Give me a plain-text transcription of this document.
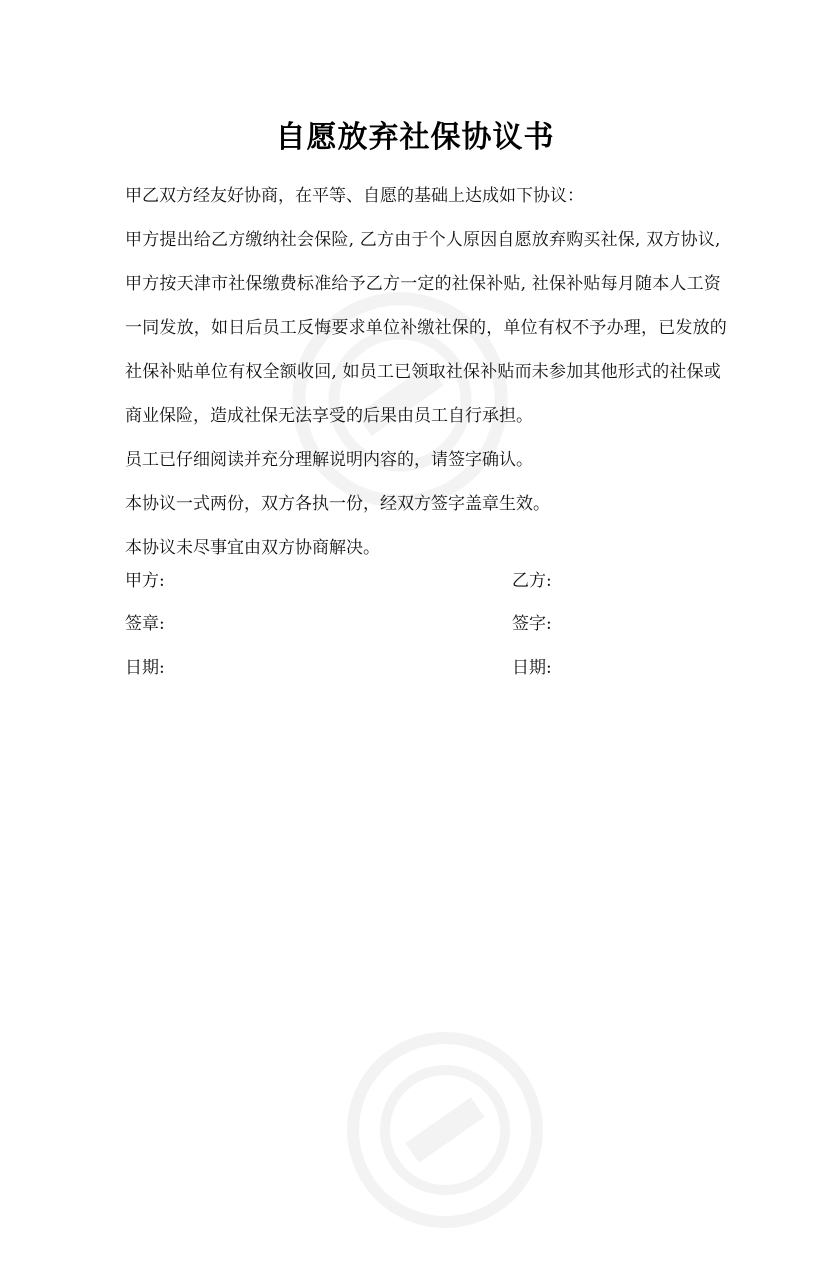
自愿放弃社保协议书

甲乙双方经友好协商，在平等、自愿的基础上达成如下协议：

甲方提出给乙方缴纳社会保险, 乙方由于个人原因自愿放弃购买社保, 双方协议,

甲方按天津市社保缴费标准给予乙方一定的社保补贴, 社保补贴每月随本人工资

一同发放，如日后员工反悔要求单位补缴社保的，单位有权不予办理，已发放的

社保补贴单位有权全额收回, 如员工已领取社保补贴而未参加其他形式的社保或

商业保险，造成社保无法享受的后果由员工自行承担。

员工已仔细阅读并充分理解说明内容的，请签字确认。

本协议一式两份，双方各执一份，经双方签字盖章生效。

本协议未尽事宜由双方协商解决。

甲方:	乙方:
签章:	签字:
日期:	日期:
